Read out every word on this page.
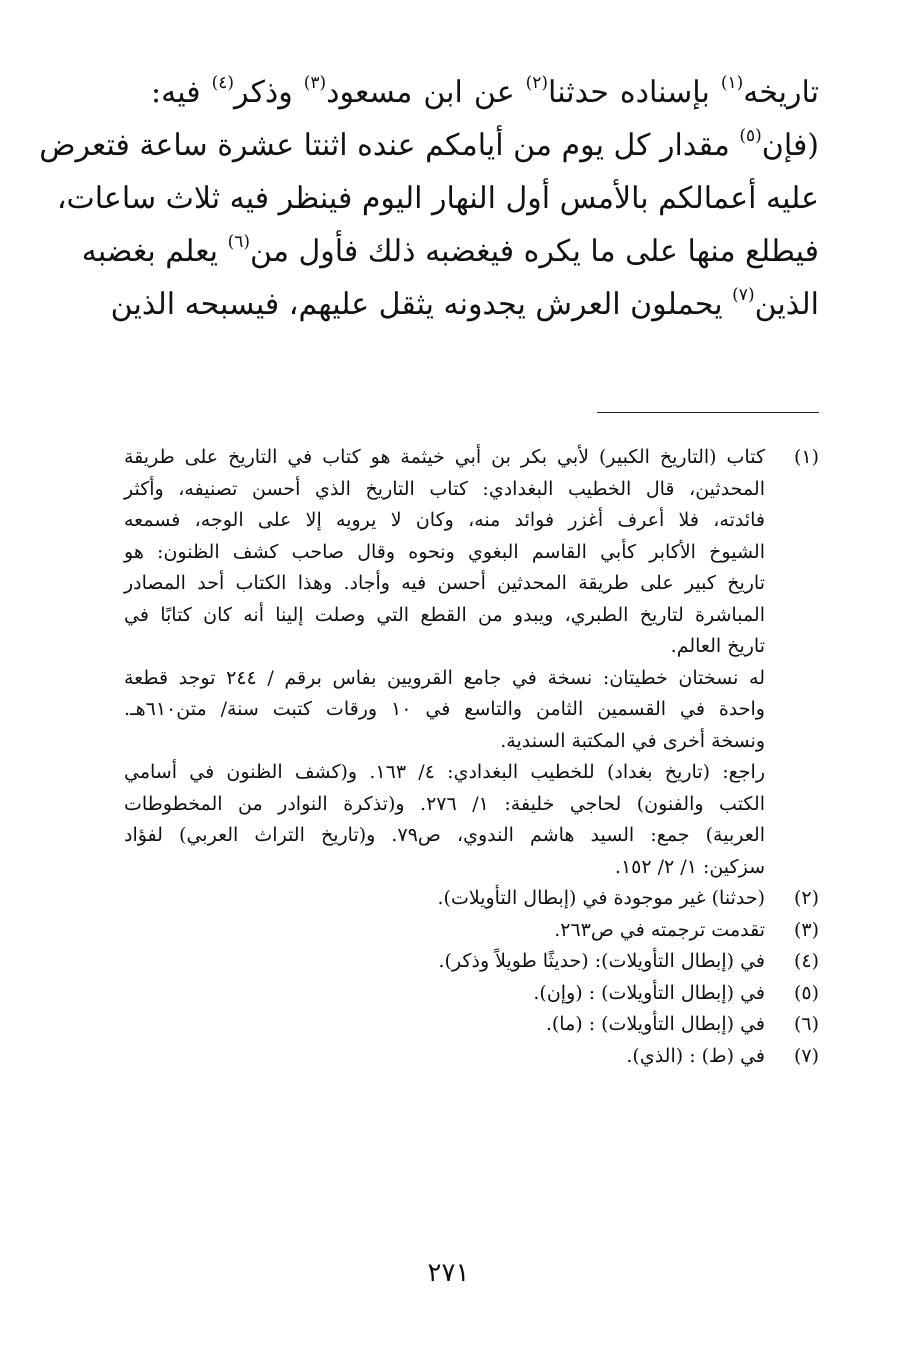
تاريخه$^{(١)}$ بإسناده حدثنا$^{(٢)}$ عن ابن مسعود$^{(٣)}$ وذكر$^{(٤)}$ فيه:
(فإن$^{(٥)}$ مقدار كل يوم من أيامكم عنده اثنتا عشرة ساعة فتعرض
عليه أعمالكم بالأمس أول النهار اليوم فينظر فيه ثلاث ساعات،
فيطلع منها على ما يكره فيغضبه ذلك فأول من$^{(٦)}$ يعلم بغضبه
الذين$^{(٧)}$ يحملون العرش يجدونه يثقل عليهم، فيسبحه الذين
(١)
كتاب (التاريخ الكبير) لأبي بكر بن أبي خيثمة هو كتاب في التاريخ على طريقة
المحدثين، قال الخطيب البغدادي: كتاب التاريخ الذي أحسن تصنيفه، وأكثر
فائدته، فلا أعرف أغزر فوائد منه، وكان لا يرويه إلا على الوجه، فسمعه
الشيوخ الأكابر كأبي القاسم البغوي ونحوه وقال صاحب كشف الظنون: هو
تاريخ كبير على طريقة المحدثين أحسن فيه وأجاد. وهذا الكتاب أحد المصادر
المباشرة لتاريخ الطبري، ويبدو من القطع التي وصلت إلينا أنه كان كتابًا في
تاريخ العالم.
له نسختان خطيتان: نسخة في جامع القرويين بفاس برقم / ٢٤٤ توجد قطعة
واحدة في القسمين الثامن والتاسع في ١٠ ورقات كتبت سنة/ متن٦١٠هـ.
ونسخة أخرى في المكتبة السندية.
راجع: (تاريخ بغداد) للخطيب البغدادي: ٤/ ١٦٣. و(كشف الظنون في أسامي
الكتب والفنون) لحاجي خليفة: ١/ ٢٧٦. و(تذكرة النوادر من المخطوطات
العربية) جمع: السيد هاشم الندوي، ص٧٩. و(تاريخ التراث العربي) لفؤاد
سزكين: ١/ ٢/ ١٥٢.
(٢)
(حدثنا) غير موجودة في (إبطال التأويلات).
(٣)
تقدمت ترجمته في ص٢٦٣.
(٤)
في (إبطال التأويلات): (حديثًا طويلاً وذكر).
(٥)
في (إبطال التأويلات) : (وإن).
(٦)
في (إبطال التأويلات) : (ما).
(٧)
في (ط) : (الذي).
٢٧١
